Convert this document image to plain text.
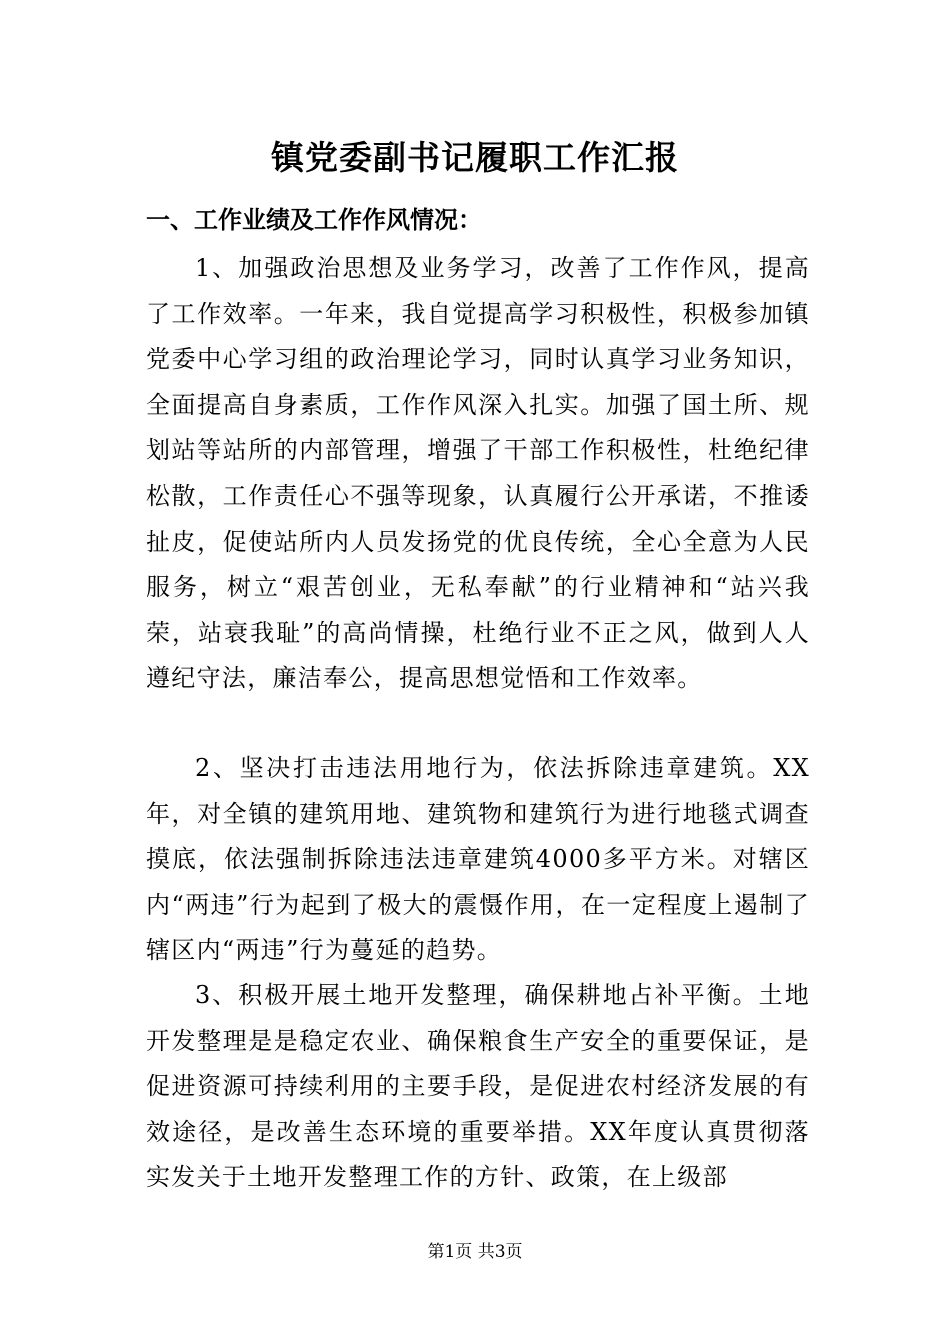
镇党委副书记履职工作汇报
一、工作业绩及工作作风情况：

1、加强政治思想及业务学习，改善了工作作风，提高了工作效率。一年来，我自觉提高学习积极性，积极参加镇党委中心学习组的政治理论学习，同时认真学习业务知识，全面提高自身素质，工作作风深入扎实。加强了国土所、规划站等站所的内部管理，增强了干部工作积极性，杜绝纪律松散，工作责任心不强等现象，认真履行公开承诺，不推诿扯皮，促使站所内人员发扬党的优良传统，全心全意为人民服务，树立“艰苦创业，无私奉献”的行业精神和“站兴我荣，站衰我耻”的高尚情操，杜绝行业不正之风，做到人人遵纪守法，廉洁奉公，提高思想觉悟和工作效率。

2、坚决打击违法用地行为，依法拆除违章建筑。XX年，对全镇的建筑用地、建筑物和建筑行为进行地毯式调查摸底，依法强制拆除违法违章建筑4000多平方米。对辖区内“两违”行为起到了极大的震慑作用，在一定程度上遏制了辖区内“两违”行为蔓延的趋势。

3、积极开展土地开发整理，确保耕地占补平衡。土地开发整理是是稳定农业、确保粮食生产安全的重要保证，是促进资源可持续利用的主要手段，是促进农村经济发展的有效途径，是改善生态环境的重要举措。XX年度认真贯彻落实发关于土地开发整理工作的方针、政策，在上级部

第1页 共3页
